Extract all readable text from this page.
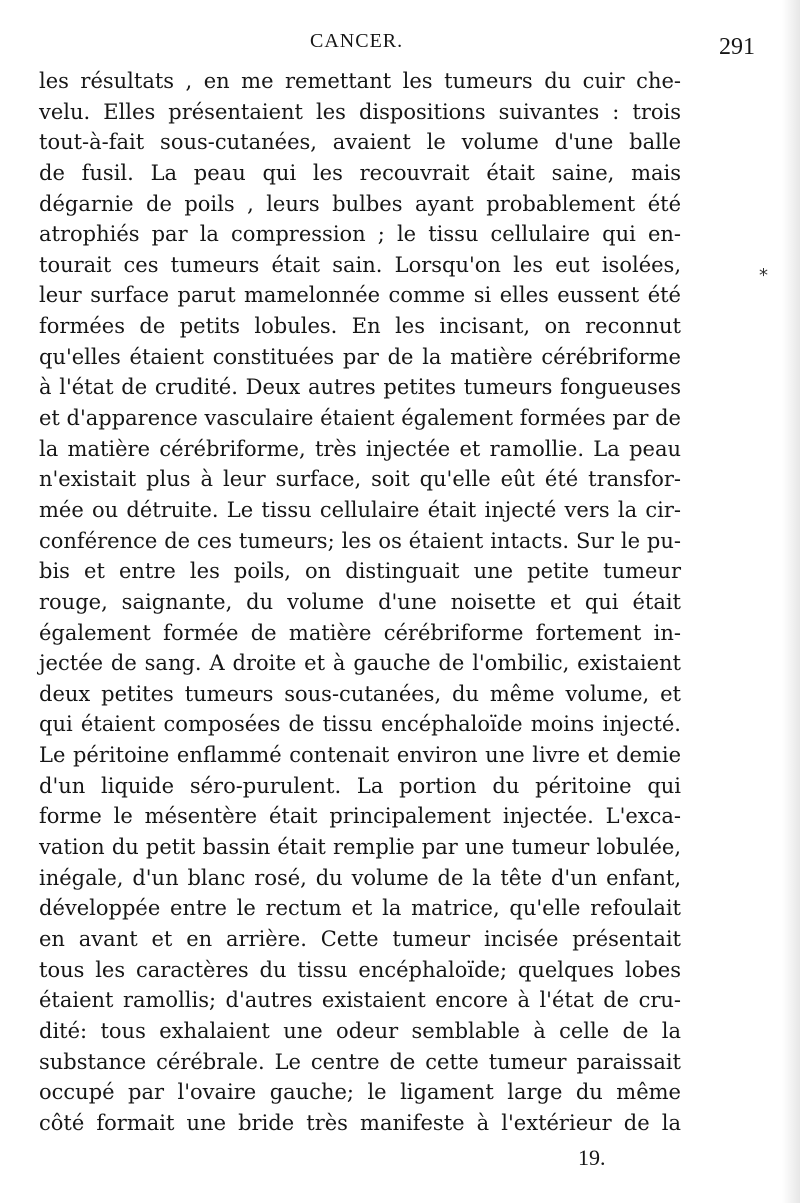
CANCER.	291
*
les résultats , en me remettant les tumeurs du cuir che-
velu. Elles présentaient les dispositions suivantes : trois
tout-à-fait sous-cutanées, avaient le volume d'une balle
de fusil. La peau qui les recouvrait était saine, mais
dégarnie de poils , leurs bulbes ayant probablement été
atrophiés par la compression ; le tissu cellulaire qui en-
tourait ces tumeurs était sain. Lorsqu'on les eut isolées,
leur surface parut mamelonnée comme si elles eussent été
formées de petits lobules. En les incisant, on reconnut
qu'elles étaient constituées par de la matière cérébriforme
à l'état de crudité. Deux autres petites tumeurs fongueuses
et d'apparence vasculaire étaient également formées par de
la matière cérébriforme, très injectée et ramollie. La peau
n'existait plus à leur surface, soit qu'elle eût été transfor-
mée ou détruite. Le tissu cellulaire était injecté vers la cir-
conférence de ces tumeurs; les os étaient intacts. Sur le pu-
bis et entre les poils, on distinguait une petite tumeur
rouge, saignante, du volume d'une noisette et qui était
également formée de matière cérébriforme fortement in-
jectée de sang. A droite et à gauche de l'ombilic, existaient
deux petites tumeurs sous-cutanées, du même volume, et
qui étaient composées de tissu encéphaloïde moins injecté.
Le péritoine enflammé contenait environ une livre et demie
d'un liquide séro-purulent. La portion du péritoine qui
forme le mésentère était principalement injectée. L'exca-
vation du petit bassin était remplie par une tumeur lobulée,
inégale, d'un blanc rosé, du volume de la tête d'un enfant,
développée entre le rectum et la matrice, qu'elle refoulait
en avant et en arrière. Cette tumeur incisée présentait
tous les caractères du tissu encéphaloïde; quelques lobes
étaient ramollis; d'autres existaient encore à l'état de cru-
dité: tous exhalaient une odeur semblable à celle de la
substance cérébrale. Le centre de cette tumeur paraissait
occupé par l'ovaire gauche; le ligament large du même
côté formait une bride très manifeste à l'extérieur de la
19.
